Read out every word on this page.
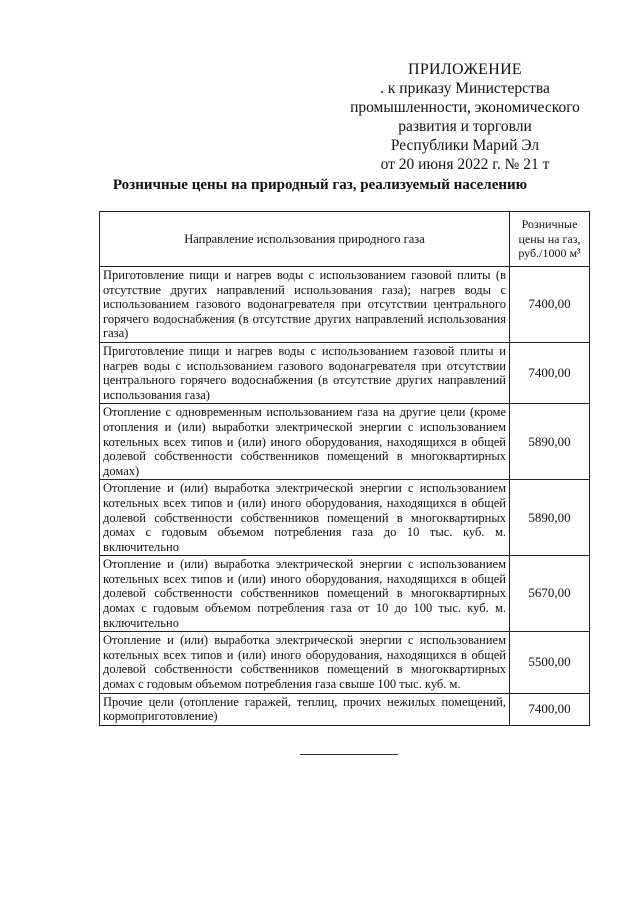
ПРИЛОЖЕНИЕ
. к приказу Министерства
промышленности, экономического
развития и торговли
Республики Марий Эл
от 20 июня 2022 г. № 21 т
Розничные цены на природный газ, реализуемый населению
Направление использования природного газа	Розничные цены на газ, руб./1000 м³
Приготовление пищи и нагрев воды с использованием газовой плиты (в отсутствие других направлений использования газа); нагрев воды с использованием газового водонагревателя при отсутствии центрального горячего водоснабжения (в отсутствие других направлений использования газа)	7400,00
Приготовление пищи и нагрев воды с использованием газовой плиты и нагрев воды с использованием газового водонагревателя при отсутствии центрального горячего водоснабжения (в отсутствие других направлений использования газа)	7400,00
Отопление с одновременным использованием газа на другие цели (кроме отопления и (или) выработки электрической энергии с использованием котельных всех типов и (или) иного оборудования, находящихся в общей долевой собственности собственников помещений в многоквартирных домах)	5890,00
Отопление и (или) выработка электрической энергии с использованием котельных всех типов и (или) иного оборудования, находящихся в общей долевой собственности собственников помещений в многоквартирных домах с годовым объемом потребления газа до 10 тыс. куб. м. включительно	5890,00
Отопление и (или) выработка электрической энергии с использованием котельных всех типов и (или) иного оборудования, находящихся в общей долевой собственности собственников помещений в многоквартирных домах с годовым объемом потребления газа от 10 до 100 тыс. куб. м. включительно	5670,00
Отопление и (или) выработка электрической энергии с использованием котельных всех типов и (или) иного оборудования, находящихся в общей долевой собственности собственников помещений в многоквартирных домах с годовым объемом потребления газа свыше 100 тыс. куб. м.	5500,00
Прочие цели (отопление гаражей, теплиц, прочих нежилых помещений, кормоприготовление)	7400,00
